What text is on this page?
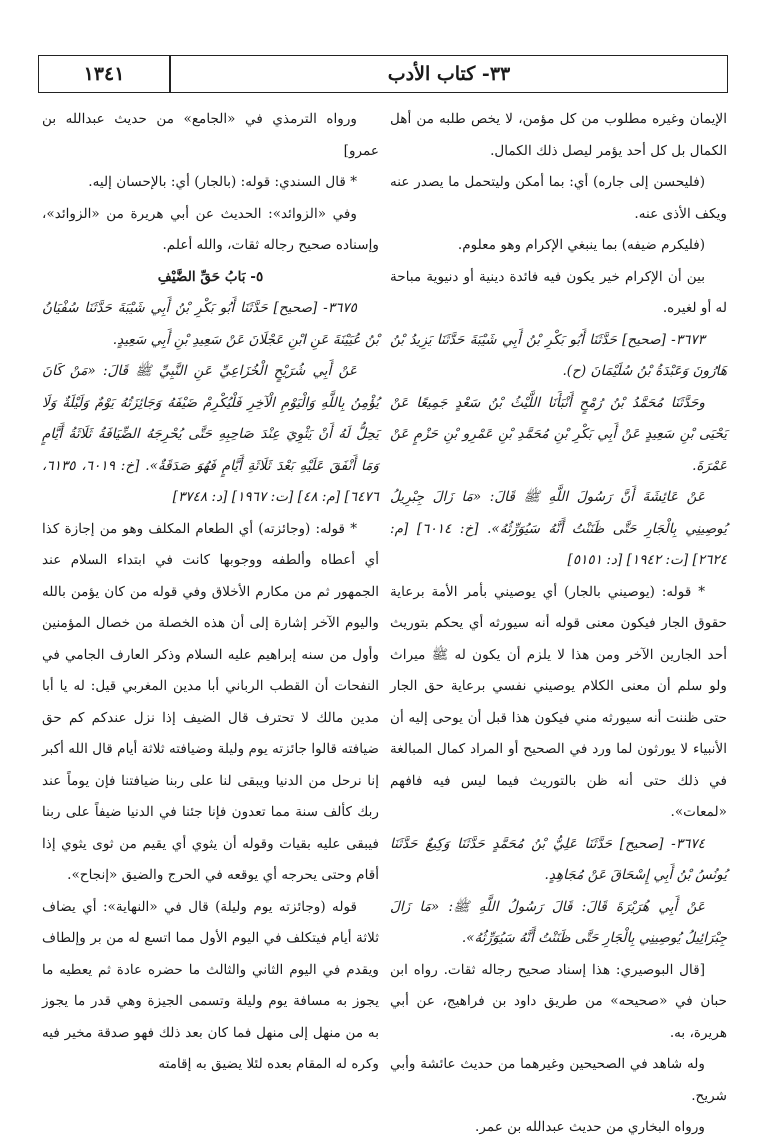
٣٣- كتاب الأدب
١٣٤١

الإيمان وغيره مطلوب من كل مؤمن، لا يخص طلبه من أهل الكمال بل كل أحد يؤمر ليصل ذلك الكمال.

(فليحسن إلى جاره) أي: بما أمكن وليتحمل ما يصدر عنه ويكف الأذى عنه.

(فليكرم ضيفه) بما ينبغي الإكرام وهو معلوم.

بين أن الإكرام خير يكون فيه فائدة دينية أو دنيوية مباحة له أو لغيره.

٣٦٧٣- [صحيح] حَدَّثَنَا أَبُو بَكْرِ بْنُ أَبِي شَيْبَةَ حَدَّثَنَا يَزِيدُ بْنُ هَارُونَ وَعَبْدَةُ بْنُ سُلَيْمَانَ (ح).

وحَدَّثَنَا مُحَمَّدُ بْنُ رُمْحٍ أَنْبَأَنَا اللَّيْثُ بْنُ سَعْدٍ جَمِيعًا عَنْ يَحْيَى بْنِ سَعِيدٍ عَنْ أَبِي بَكْرِ بْنِ مُحَمَّدِ بْنِ عَمْرِو بْنِ حَزْمٍ عَنْ عَمْرَةَ.

عَنْ عَائِشَةَ أَنَّ رَسُولَ اللَّهِ ﷺ قَالَ: «مَا زَالَ جِبْرِيلُ يُوصِينِي بِالْجَارِ حَتَّى ظَنَنْتُ أَنَّهُ سَيُوَرِّثُهُ». [خ: ٦٠١٤] [م: ٢٦٢٤] [ت: ١٩٤٢] [د: ٥١٥١]

* قوله: (يوصيني بالجار) أي يوصيني بأمر الأمة برعاية حقوق الجار فيكون معنى قوله أنه سيورثه أي يحكم بتوريث أحد الجارين الآخر ومن هذا لا يلزم أن يكون له ﷺ ميراث ولو سلم أن معنى الكلام يوصيني نفسي برعاية حق الجار حتى ظننت أنه سيورثه مني فيكون هذا قبل أن يوحى إليه أن الأنبياء لا يورثون لما ورد في الصحيح أو المراد كمال المبالغة في ذلك حتى أنه ظن بالتوريث فيما ليس فيه فافهم «لمعات».

٣٦٧٤- [صحيح] حَدَّثَنَا عَلِيُّ بْنُ مُحَمَّدٍ حَدَّثَنَا وَكِيعٌ حَدَّثَنَا يُونُسُ بْنُ أَبِي إِسْحَاقَ عَنْ مُجَاهِدٍ.

عَنْ أَبِي هُرَيْرَةَ قَالَ: قَالَ رَسُولُ اللَّهِ ﷺ: «مَا زَالَ جِبْرَائِيلُ يُوصِينِي بِالْجَارِ حَتَّى ظَنَنْتُ أَنَّهُ سَيُوَرِّثُهُ».

[قال البوصيري: هذا إسناد صحيح رجاله ثقات. رواه ابن حبان في «صحيحه» من طريق داود بن فراهيج، عن أبي هريرة، به.

وله شاهد في الصحيحين وغيرهما من حديث عائشة وأبي شريح.

ورواه البخاري من حديث عبدالله بن عمر.

ورواه الترمذي في «الجامع» من حديث عبدالله بن عمرو]

* قال السندي: قوله: (بالجار) أي: بالإحسان إليه.

وفي «الزوائد»: الحديث عن أبي هريرة من «الزوائد»، وإسناده صحيح رجاله ثقات، والله أعلم.

٥- بَابُ حَقِّ الضَّيْفِ

٣٦٧٥- [صحيح] حَدَّثَنَا أَبُو بَكْرِ بْنُ أَبِي شَيْبَةَ حَدَّثَنَا سُفْيَانُ بْنُ عُيَيْنَةَ عَنِ ابْنِ عَجْلَانَ عَنْ سَعِيدِ بْنِ أَبِي سَعِيدٍ.

عَنْ أَبِي شُرَيْحٍ الْخُزَاعِيِّ عَنِ النَّبِيِّ ﷺ قَالَ: «مَنْ كَانَ يُؤْمِنُ بِاللَّهِ وَالْيَوْمِ الْآخِرِ فَلْيُكْرِمْ ضَيْفَهُ وَجَائِزَتُهُ يَوْمٌ وَلَيْلَةٌ وَلَا يَحِلُّ لَهُ أَنْ يَثْوِيَ عِنْدَ صَاحِبِهِ حَتَّى يُحْرِجَهُ الضِّيَافَةُ ثَلَاثَةُ أَيَّامٍ وَمَا أَنْفَقَ عَلَيْهِ بَعْدَ ثَلَاثَةِ أَيَّامٍ فَهُوَ صَدَقَةٌ». [خ: ٦٠١٩، ٦١٣٥، ٦٤٧٦] [م: ٤٨] [ت: ١٩٦٧] [د: ٣٧٤٨]

* قوله: (وجائزته) أي الطعام المكلف وهو من إجازة كذا أي أعطاه وألطفه ووجوبها كانت في ابتداء السلام عند الجمهور ثم من مكارم الأخلاق وفي قوله من كان يؤمن بالله واليوم الآخر إشارة إلى أن هذه الخصلة من خصال المؤمنين وأول من سنه إبراهيم عليه السلام وذكر العارف الجامي في النفحات أن القطب الرباني أبا مدين المغربي قيل: له يا أبا مدين مالك لا تحترف قال الضيف إذا نزل عندكم كم حق ضيافته قالوا جائزته يوم وليلة وضيافته ثلاثة أيام قال الله أكبر إنا نرحل من الدنيا ويبقى لنا على ربنا ضيافتنا فإن يوماً عند ربك كألف سنة مما تعدون فإنا جئنا في الدنيا ضيفاً على ربنا فيبقى عليه بقيات وقوله أن يثوي أي يقيم من ثوى يثوي إذا أقام وحتى يحرجه أي يوقعه في الحرج والضيق «إنجاح».

قوله (وجائزته يوم وليلة) قال في «النهاية»: أي يضاف ثلاثة أيام فيتكلف في اليوم الأول مما اتسع له من بر وإلطاف ويقدم في اليوم الثاني والثالث ما حضره عادة ثم يعطيه ما يجوز به مسافة يوم وليلة وتسمى الجيزة وهي قدر ما يجوز به من منهل إلى منهل فما كان بعد ذلك فهو صدقة مخير فيه وكره له المقام بعده لئلا يضيق به إقامته
